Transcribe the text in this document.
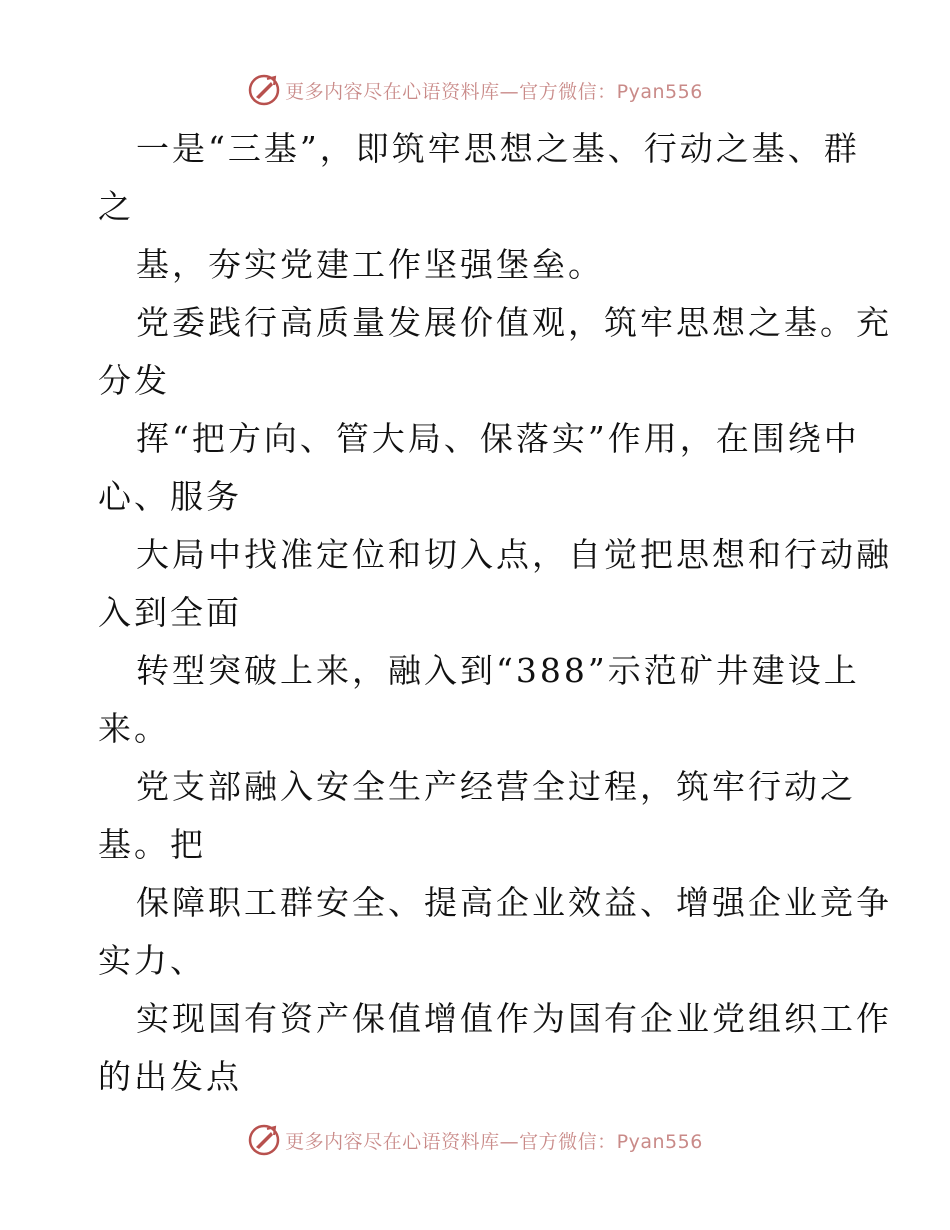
更多内容尽在心语资料库—官方微信：Pyan556
一是“三基”，即筑牢思想之基、行动之基、群
之
基，夯实党建工作坚强堡垒。
党委践行高质量发展价值观，筑牢思想之基。充
分发
挥“把方向、管大局、保落实”作用，在围绕中
心、服务
大局中找准定位和切入点，自觉把思想和行动融
入到全面
转型突破上来，融入到“388”示范矿井建设上
来。
党支部融入安全生产经营全过程，筑牢行动之
基。把
保障职工群安全、提高企业效益、增强企业竞争
实力、
实现国有资产保值增值作为国有企业党组织工作
的出发点
更多内容尽在心语资料库—官方微信：Pyan556
